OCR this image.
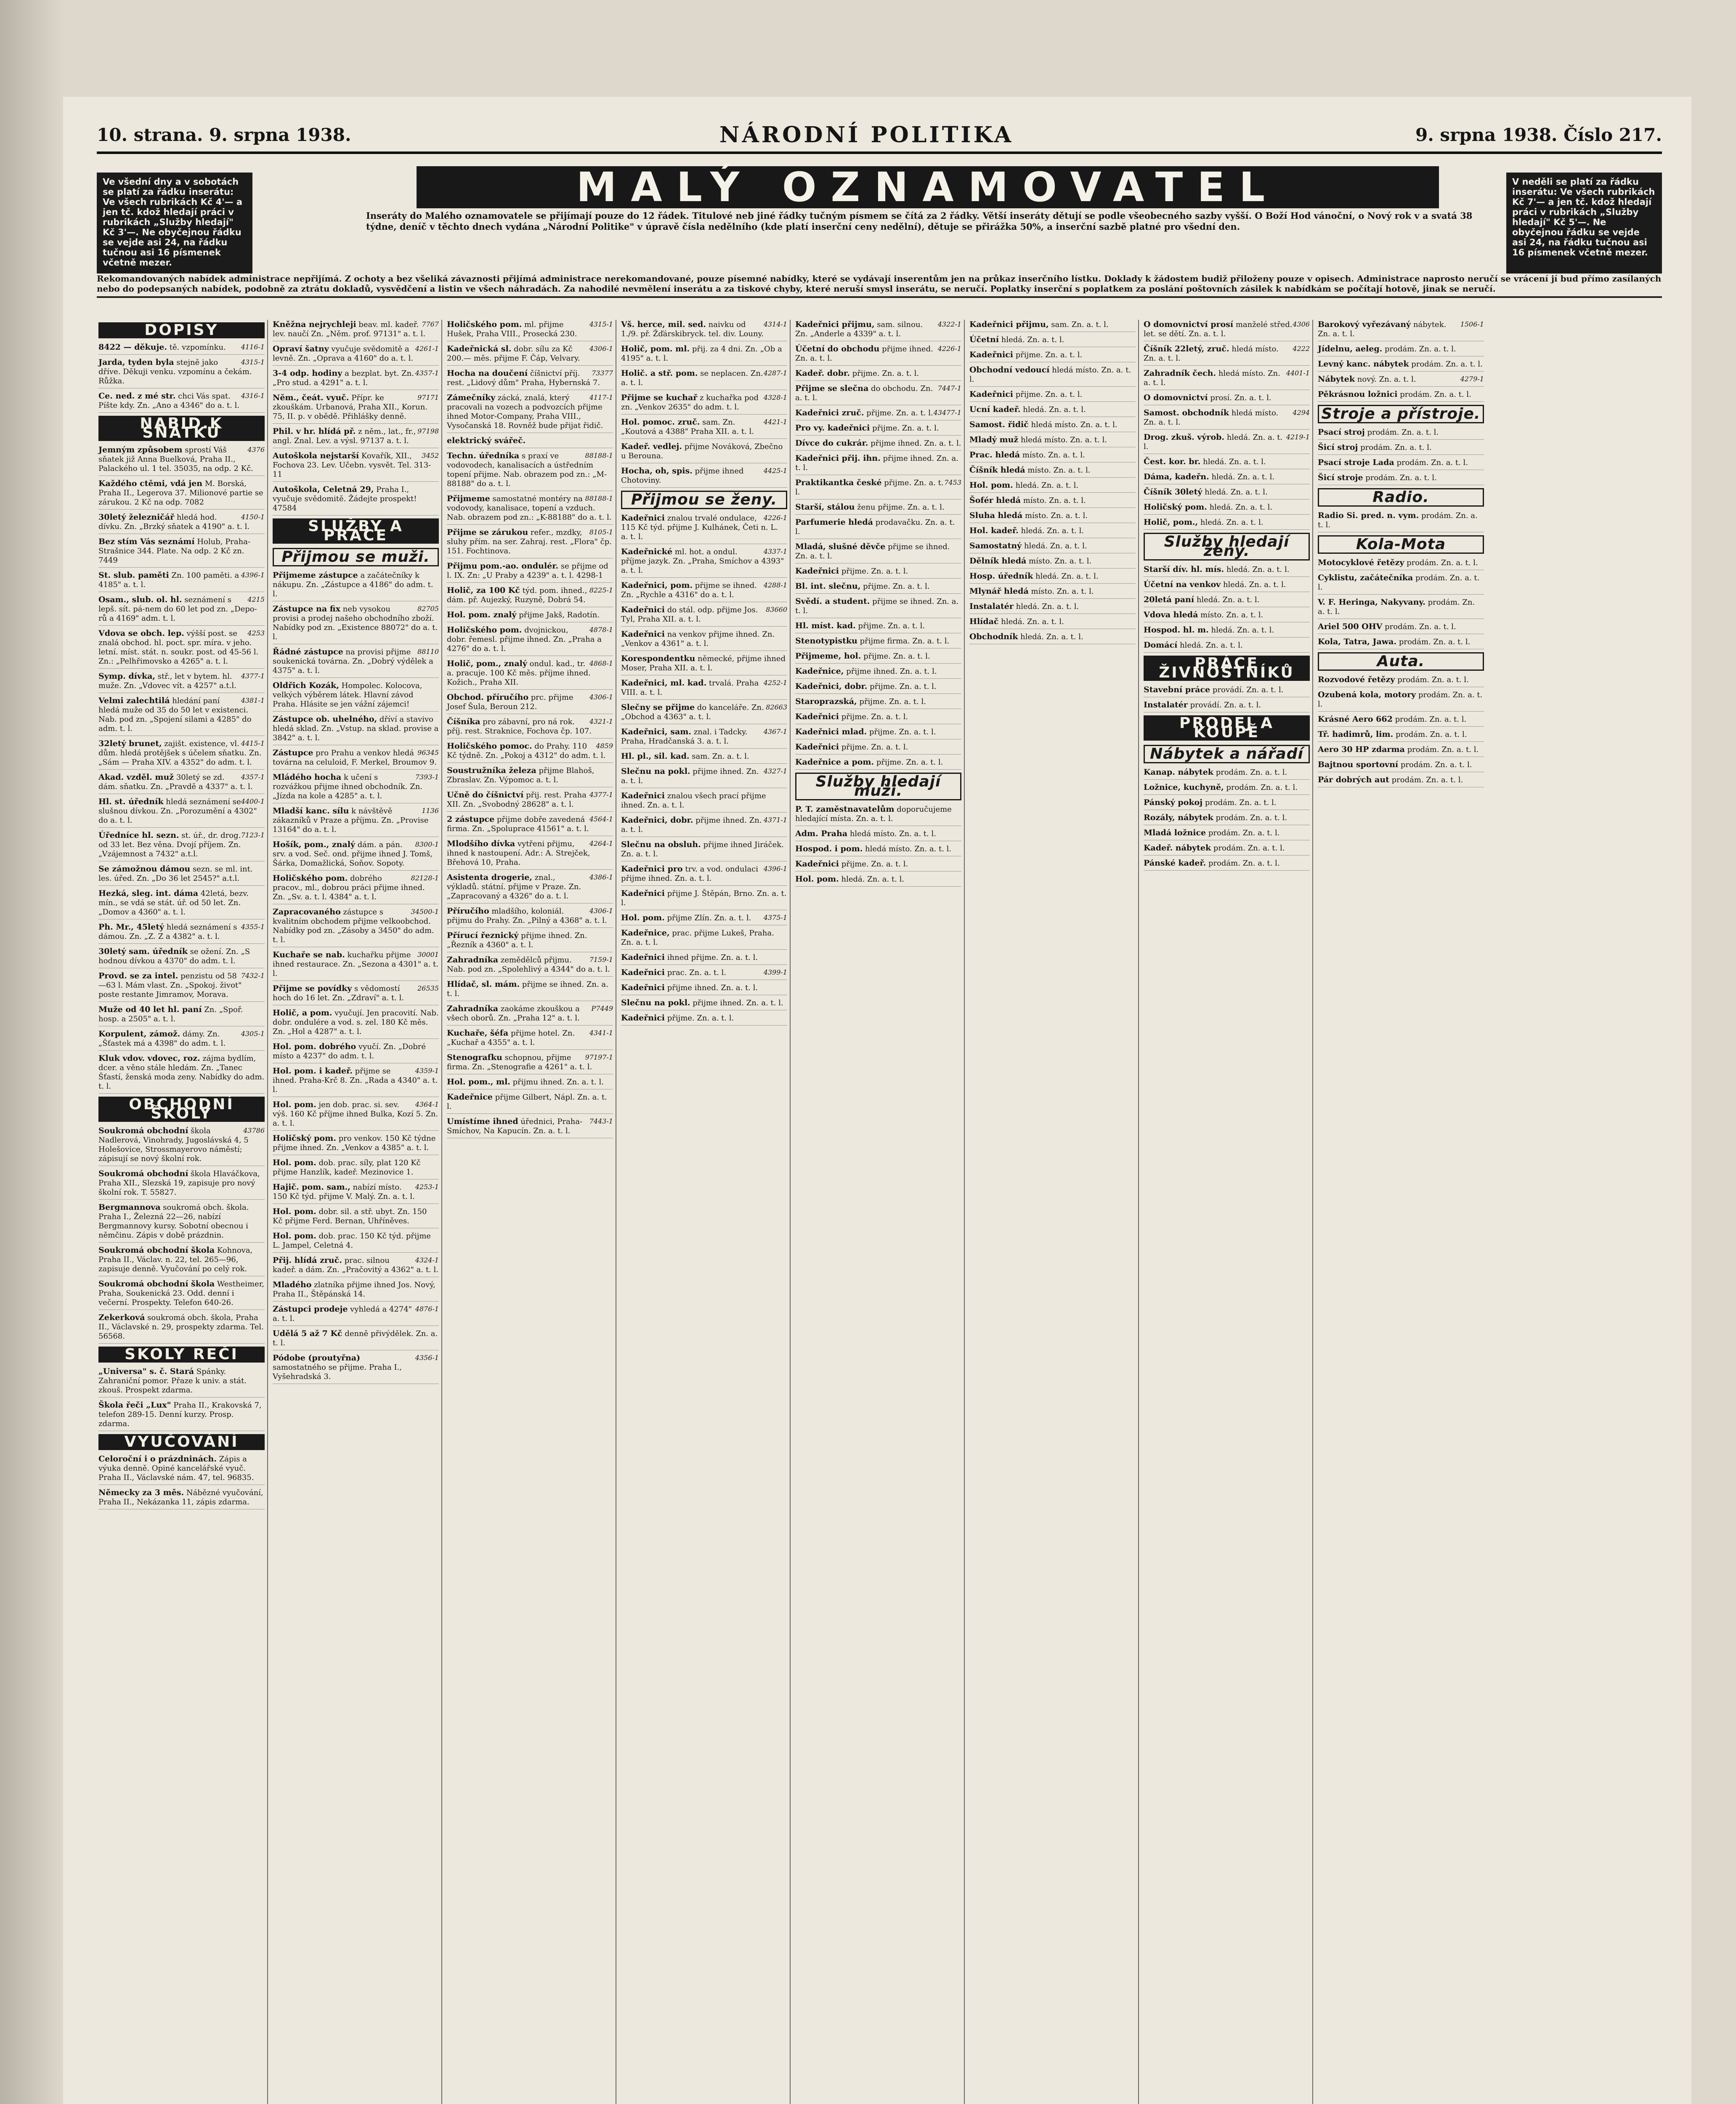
10. strana. 9. srpna 1938.	NÁRODNÍ POLITIKA	9. srpna 1938. Číslo 217.
Ve všední dny a v sobotách se platí za řádku inserátu: Ve všech rubrikách Kč 4'— a jen tč. kdož hledají práci v rubrikách „Služby hledají" Kč 3'—. Ne obyčejnou řádku se vejde asi 24, na řádku tučnou asi 16 písmenek včetně mezer.
MALÝ OZNAMOVATEL	V neděli se platí za řádku inserátu: Ve všech rubrikách Kč 7'— a jen tč. kdož hledají práci v rubrikách „Služby hledají" Kč 5'—. Ne obyčejnou řádku se vejde asi 24, na řádku tučnou asi 16 písmenek včetně mezer.
Inseráty do Malého oznamovatele se přijímají pouze do 12 řádek. Titulové neb jiné řádky tučným písmem se čítá za 2 řádky. Větší inseráty dětují se podle všeobecného sazby vyšší. O Boží Hod vánoční, o Nový rok v a svatá 38 týdne, deníč v těchto dnech vydána „Národní Politike" v úpravě čísla nedělního (kde platí inserční ceny nedělní), dětuje se přirážka 50%, a inserční sazbě platné pro všední den.
Rekomandovaných nabídek administrace nepřijímá. Z ochoty a bez všeliká závaznosti přijímá administrace nerekomandované, pouze písemné nabídky, které se vydávají inserentům jen na průkaz inserčního lístku. Doklady k žádostem budiž přiloženy pouze v opisech. Administrace naprosto neručí se vrácení jí bud přímo zasílaných nebo do podepsaných nabídek, podobně za ztrátu dokladů, vysvědčení a listin ve všech náhradách. Za nahodilé nevmělení inserátu a za tiskové chyby, které neruší smysl inserátu, se neručí. Poplatky inserční s poplatkem za poslání poštovních zásilek k nabídkám se počítají hotově, jinak se neručí.
DOPISY
4116-1
8422 — děkuje. tě. vzpomínku.
4315-1
Jarda, tyden byla stejně jako dříve. Děkuji venku. vzpomínu a čekám. Růžka.
4316-1
Ce. ned. z mé str. chci Vás spat. Píšte kdy. Zn. „Ano a 4346" do a. t. l.
NABID.K SŇATKU
4376
Jemným způsobem sprostí Váš sňatek již Anna Buelková, Praha II., Palackého ul. 1 tel. 35035, na odp. 2 Kč.
Každého ctěmi, vdá jen M. Borská, Praha II., Legerova 37. Milionové partie se zárukou. 2 Kč na odp. 7082
4150-1
30letý železničář hledá hod. dívku. Zn. „Brzký sňatek a 4190" a. t. l.
Bez stím Vás seznámí Holub, Praha-Strašnice 344. Plate. Na odp. 2 Kč zn. 7449
4396-1
St. slub. paměti Zn. 100 paměti. a 4185" a. t. l.
4215
Osam., slub. ol. hl. seznámení s lepš. sít. pá-nem do 60 let pod zn. „Depo-rů a 4169" adm. t. l.
4253
Vdova se obch. lep. výšší post. se znalá obchod. hl. poct. spr. míra. v jeho. letní. míst. stát. n. soukr. post. od 45-56 l. Zn.: „Pelhřimovsko a 4265" a. t. l.
4377-1
Symp. dívka, stř., let v bytem. hl. muže. Zn. „Vdovec vít. a 4257" a.t.l.
4381-1
Velmi zalechtilá hledání paní hledá muže od 35 do 50 let v existenci. Nab. pod zn. „Spojení silami a 4285" do adm. t. l.
4415-1
32letý brunet, zajišt. existence, vl. dům. hledá protějšek s účelem sňatku. Zn. „Sám — Praha XIV. a 4352" do adm. t. l.
4357-1
Akad. vzděl. muž 30letý se zd. dám. sňatku. Zn. „Pravdě a 4337" a. t. l.
4400-1
Hl. st. úředník hledá seznámení se slušnou dívkou. Zn. „Porozumění a 4302" do a. t. l.
7123-1
Úředníce hl. sezn. st. úř., dr. drog. od 33 let. Bez věna. Dvojí příjem. Zn.„Vzájemnost a 7432" a.t.l.
Se zámožnou dámou sezn. se ml. int. les. úřed. Zn. „Do 36 let 2545?" a.t.l.
Hezká, sleg. int. dáma 42letá, bezv. mín., se vdá se stát. úř. od 50 let. Zn. „Domov a 4360" a. t. l.
4355-1
Ph. Mr., 45letý hledá seznámení s dámou. Zn. „Z. Z a 4382" a. t. l.
30letý sam. úředník se ožení. Zn. „S hodnou dívkou a 4370" do adm. t. l.
7432-1
Provd. se za intel. penzistu od 58—63 l. Mám vlast. Zn. „Spokoj. život" poste restante Jimramov, Morava.
Muže od 40 let hl. paní Zn. „Spoř. hosp. a 2505" a. t. l.
4305-1
Korpulent, zámož. dámy. Zn. „Šťastek má a 4398" do adm. t. l.
Kluk vdov. vdovec, roz. zájma bydlím, dcer. a věno stále hledám. Zn. „Tanec Šťastí, ženská moda zeny. Nabídky do adm. t. l.
OBCHODNÍ ŠKOLY
43786
Soukromá obchodní škola Nadlerová, Vinohrady, Jugoslávská 4, 5 Holešovice, Strossmayerovo náměstí; zápisují se nový školní rok.
Soukromá obchodní škola Hlaváčkova, Praha XII., Slezská 19, zapisuje pro nový školní rok. T. 55827.
Bergmannova soukromá obch. škola. Praha I., Železná 22—26, nabízí Bergmannovy kursy. Sobotní obecnou i němčinu. Zápis v době prázdnin.
Soukromá obchodní škola Kohnova, Praha II., Václav. n. 22, tel. 265—96, zapisuje denně. Vyučování po celý rok.
Soukromá obchodní škola Westheimer, Praha, Soukenická 23. Odd. denní i večerní. Prospekty. Telefon 640-26.
Zekerková soukromá obch. škola, Praha II., Václavské n. 29, prospekty zdarma. Tel. 56568.
SKOLY REČI
„Universa" s. č. Stará Spánky. Zahraniční pomor. Přaze k univ. a stát. zkouš. Prospekt zdarma.
Škola řeči „Lux" Praha II., Krakovská 7, telefon 289-15. Denní kurzy. Prosp. zdarma.
VYUČOVÁNÍ
Celoroční i o prázdninách. Zápis a výuka denně. Opiné kancelářské vyuč. Praha II., Václavské nám. 47, tel. 96835.
Německy za 3 měs. Nábězné vyučování, Praha II., Nekázanka 11, zápis zdarma.
7767
Kněžna nejrychleji beav. ml. kadeř. lev. naučí Zn. „Něm. prof. 97131" a. t. l.
4261-1
Opraví šatny vyučuje svědomitě a levně. Zn. „Oprava a 4160" do a. t. l.
4357-1
3-4 odp. hodiny a bezplat. byt. Zn. „Pro stud. a 4291" a. t. l.
97171
Něm., čeát. vyuč. Přípr. ke zkouškám. Urbanová, Praha XII., Korun. 75, II. p. v obědě. Přihlášky denně.
97198
Phil. v hr. hlídá př. z něm., lat., fr., angl. Znal. Lev. a výsl. 97137 a. t. l.
3452
Autoškola nejstarší Kovařík, XII., Fochova 23. Lev. Učebn. vysvět. Tel. 313-11
Autoškola, Celetná 29, Praha I., vyučuje svědomitě. Žádejte prospekt! 47584
SLUŽBY A PRÁCE
Přijmou se muži.
Přijmeme zástupce a začátečníky k nákupu. Zn. „Zástupce a 4186" do adm. t. l.
82705
Zástupce na fix neb vysokou provisi a prodej našeho obchodního zboží. Nabídky pod zn. „Existence 88072" do a. t. l.
88110
Řádné zástupce na provisi přijme soukenická továrna. Zn. „Dobrý výdělek a 4375" a. t. l.
Oldřich Kozák, Hompolec. Kolocova, velkých výběrem látek. Hlavní závod Praha. Hlásite se jen vážní zájemci!
Zástupce ob. uhelného, dříví a stavivo hledá sklad. Zn. „Vstup. na sklad. provise a 3842" a. t. l.
96345
Zástupce pro Prahu a venkov hledá továrna na celuloid, F. Merkel, Broumov 9.
7393-1
Mládého hocha k učení s rozvážkou přijme ihned obchodník. Zn. „Jízda na kole a 4285" a. t. l.
1136
Mladší kanc. sílu k návštěvě zákazníků v Praze a příjmu. Zn. „Provise 13164" do a. t. l.
8300-1
Hošík, pom., znalý dám. a pán. srv. a vod. Seč. ond. přijme ihned J. Tomš, Šárka, Domažlická, Soňov. Sopoty.
82128-1
Holičského pom. dobrého pracov., ml., dobrou práci přijme ihned. Zn. „Sv. a. t. l. 4384" a. t. l.
34500-1
Zapracovaného zástupce s kvalitním obchodem přijme velkoobchod. Nabídky pod zn. „Zásoby a 3450" do adm. t. l.
30001
Kuchaře se nab. kuchařku přijme ihned restaurace. Zn. „Sezona a 4301" a. t. l.
26535
Přijme se povídky s vědomostí hoch do 16 let. Zn. „Zdraví" a. t. l.
Holič, a pom. vyučují. Jen pracovití. Nab. dobr. ondulére a vod. s. zel. 180 Kč měs. Zn. „Hol a 4287" a. t. l.
Hol. pom. dobrého vyučí. Zn. „Dobré místo a 4237" do adm. t. l.
4359-1
Hol. pom. i kadeř. přijme se ihned. Praha-Krč 8. Zn. „Rada a 4340" a. t. l.
4364-1
Hol. pom. jen dob. prac. si. sev. výš. 160 Kč příjme ihned Bulka, Kozí 5. Zn. a. t. l.
Holičský pom. pro venkov. 150 Kč týdne přijme ihned. Zn. „Venkov a 4385" a. t. l.
Hol. pom. dob. prac. síly, plat 120 Kč přijme Hanzlík, kadeř. Mezinovice 1.
4253-1
Hajič. pom. sam., nabízí místo. 150 Kč týd. přijme V. Malý. Zn. a. t. l.
Hol. pom. dobr. sil. a stř. ubyt. Zn. 150 Kč přijme Ferd. Bernan, Uhříněves.
Hol. pom. dob. prac. 150 Kč týd. přijme L. Jampel, Celetná 4.
4324-1
Přij. hlídá zruč. prac. silnou kadeř. a dám. Zn. „Pračovitý a 4362" a. t. l.
Mladého zlatníka přijme ihned Jos. Nový, Praha II., Štěpánská 14.
4876-1
Zástupci prodeje vyhledá a 4274" a. t. l.
Udělá 5 až 7 Kč denně přivýdělek. Zn. a. t. l.
4356-1
Pódobe (proutyřna) samostatného se přijme. Praha I., Vyšehradská 3.
4315-1
Holičského pom. ml. přijme Hušek, Praha VIII., Prosecká 230.
4306-1
Kadeřnická sl. dobr. sílu za Kč 200.— měs. přijme F. Čáp, Velvary.
73377
Hocha na doučení číšnictví příj. rest. „Lidový dům" Praha, Hybernská 7.
4117-1
Zámečníky zácká, znalá, který pracovali na vozech a podvozcích přijme ihned Motor-Company, Praha VIII., Vysočanská 18. Rovněž bude přijat řidič.
elektrický svářeč.
88188-1
Techn. úředníka s praxí ve vodovodech, kanalisacích a ústředním topení přijme. Nab. obrazem pod zn.: „M-88188" do a. t. l.
88188-1
Přijmeme samostatné montéry na vodovody, kanalisace, topení a vzduch. Nab. obrazem pod zn.: „K-88188" do a. t. l.
8105-1
Přijme se zárukou refer., mzdky, sluhy přím. na ser. Zahraj. rest. „Flora" čp. 151. Fochtinova.
Přijmu pom.-ao. ondulér. se přijme od l. IX. Zn: „U Praby a 4239" a. t. l. 4298-1
8225-1
Holič, za 100 Kč týd. pom. ihned., dám. př. Aujezký, Ruzyně, Dobrá 54.
Hol. pom. znalý přijme Jakš, Radotín.
4878-1
Holičského pom. dvojnickou, dobr. řemesl. přijme ihned. Zn. „Praha a 4276" do a. t. l.
4868-1
Holič, pom., znalý ondul. kad., tr. a. pracuje. 100 Kč měs. příjme ihned. Kožich., Praha XII.
4306-1
Obchod. příručího prc. přijme Josef Šula, Beroun 212.
4321-1
Číšníka pro zábavní, pro ná rok. příj. rest. Straknice, Fochova čp. 107.
4859
Holičského pomoc. do Prahy. 110 Kč týdně. Zn. „Pokoj a 4312" do adm. t. l.
Soustružníka železa přijme Blahoš, Zbraslav. Zn. Výpomoc a. t. l.
4377-1
Učně do číšnictví přij. rest. Praha XII. Zn. „Svobodný 28628" a. t. l.
4564-1
2 zástupce přijme dobře zavedená firma. Zn. „Spoluprace 41561" a. t. l.
4264-1
Mlodšího dívka vytřeni přijmu, ihned k nastoupení. Adr.: A. Strejček, Břehová 10, Praha.
4386-1
Asistenta drogerie, znal., výkladů. státní. přijme v Praze. Zn. „Zapracovaný a 4326" do a. t. l.
4306-1
Příručího mladšího, koloniál. přijmu do Prahy. Zn. „Pilný a 4368" a. t. l.
Přírucí řeznický přijme ihned. Zn. „Řezník a 4360" a. t. l.
7159-1
Zahradníka zemědělců přijmu. Nab. pod zn. „Spolehlivý a 4344" do a. t. l.
Hlídač, sl. mám. přijme se ihned. Zn. a. t. l.
P7449
Zahradníka zaokáme zkouškou a všech oborů. Zn. „Praha 12" a. t. l.
4341-1
Kuchaře, šéfa přijme hotel. Zn. „Kuchař a 4355" a. t. l.
97197-1
Stenografku schopnou, přijme firma. Zn. „Stenografie a 4261" a. t. l.
Hol. pom., ml. přijmu ihned. Zn. a. t. l.
Kadeřnice přijme Gilbert, Nápl. Zn. a. t. l.
7443-1
Umístíme ihned úřednici, Praha-Smíchov, Na Kapucín. Zn. a. t. l.
4314-1
Vš. herce, mil. sed. naivku od 1./9. př. Žďárskibryck. tel. div. Louny.
Holič, pom. ml. přij. za 4 dni. Zn. „Ob a 4195" a. t. l.
4287-1
Holič. a stř. pom. se neplacen. Zn. a. t. l.
4328-1
Přijme se kuchař z kuchařka pod zn. „Venkov 2635" do adm. t. l.
4421-1
Hol. pomoc. zruč. sam. Zn. „Koutová a 4388" Praha XII. a. t. l.
Kadeř. vedlej. přijme Nováková, Zbečno u Berouna.
4425-1
Hocha, oh, spis. přijme ihned Chotoviny.
Přijmou se ženy.
4226-1
Kadeřnici znalou trvalé ondulace, 115 Kč týd. přijme J. Kulhánek, Četi n. L. a. t. l.
4337-1
Kadeřnické ml. hot. a ondul. příjme jazyk. Zn. „Praha, Smíchov a 4393" a. t. l.
4288-1
Kadeřnici, pom. přijme se ihned. Zn. „Rychle a 4316" do a. t. l.
83660
Kadeřnici do stál. odp. přijme Jos. Tyl, Praha XII. a. t. l.
Kadeřnici na venkov přijme ihned. Zn. „Venkov a 4361" a. t. l.
Korespondentku německé, přijme ihned Moser, Praha XII. a. t. l.
4252-1
Kadeřnici, ml. kad. trvalá. Praha VIII. a. t. l.
82663
Slečny se přijme do kanceláře. Zn. „Obchod a 4363" a. t. l.
4367-1
Kadeřnici, sam. znal. i Tadcky. Praha, Hradčanská 3. a. t. l.
Hl. pl., sil. kad. sam. Zn. a. t. l.
4327-1
Slečnu na pokl. přijme ihned. Zn. a. t. l.
Kadeřnici znalou všech prací přijme ihned. Zn. a. t. l.
4371-1
Kadeřnici, dobr. přijme ihned. Zn. a. t. l.
Slečnu na obsluh. přijme ihned Jiráček. Zn. a. t. l.
4396-1
Kadeřnici pro trv. a vod. ondulaci přijme ihned. Zn. a. t. l.
Kadeřnici přijme J. Štěpán, Brno. Zn. a. t. l.
4375-1
Hol. pom. přijme Zlín. Zn. a. t. l.
Kadeřnice, prac. přijme Lukeš, Praha. Zn. a. t. l.
Kadeřnici ihned přijme. Zn. a. t. l.
4399-1
Kadeřnici prac. Zn. a. t. l.
Kadeřnici přijme ihned. Zn. a. t. l.
Slečnu na pokl. přijme ihned. Zn. a. t. l.
Kadeřnici přijme. Zn. a. t. l.
4322-1
Kadeřnici přijmu, sam. silnou. Zn. „Anderle a 4339" a. t. l.
4226-1
Účetní do obchodu přijme ihned. Zn. a. t. l.
Kadeř. dobr. přijme. Zn. a. t. l.
7447-1
Přijme se slečna do obchodu. Zn. a. t. l.
43477-1
Kadeřnici zruč. přijme. Zn. a. t. l.
Pro vy. kadeřnici přijme. Zn. a. t. l.
Dívce do cukrár. přijme ihned. Zn. a. t. l.
Kadeřnici přij. ihn. přijme ihned. Zn. a. t. l.
7453
Praktikantka české přijme. Zn. a. t. l.
Starší, stálou ženu přijme. Zn. a. t. l.
Parfumerie hledá prodavačku. Zn. a. t. l.
Mladá, slušné děvče přijme se ihned. Zn. a. t. l.
Kadeřnici přijme. Zn. a. t. l.
Bl. int. slečnu, přijme. Zn. a. t. l.
Svědí. a student. přijme se ihned. Zn. a. t. l.
Hl. míst. kad. přijme. Zn. a. t. l.
Stenotypistku přijme firma. Zn. a. t. l.
Přijmeme, hol. přijme. Zn. a. t. l.
Kadeřnice, přijme ihned. Zn. a. t. l.
Kadeřnici, dobr. přijme. Zn. a. t. l.
Staroprazská, přijme. Zn. a. t. l.
Kadeřnici přijme. Zn. a. t. l.
Kadeřnici mlad. přijme. Zn. a. t. l.
Kadeřnici přijme. Zn. a. t. l.
Kadeřnice a pom. přijme. Zn. a. t. l.
Služby hledají muži.
P. T. zaměstnavatelům doporučujeme hledající místa. Zn. a. t. l.
Adm. Praha hledá místo. Zn. a. t. l.
Hospod. i pom. hledá místo. Zn. a. t. l.
Kadeřnici přijme. Zn. a. t. l.
Hol. pom. hledá. Zn. a. t. l.
Kadeřnici přijmu, sam. Zn. a. t. l.
Účetní hledá. Zn. a. t. l.
Kadeřnici přijme. Zn. a. t. l.
Obchodní vedoucí hledá místo. Zn. a. t. l.
Kadeřnici přijme. Zn. a. t. l.
Ucní kadeř. hledá. Zn. a. t. l.
Samost. řidič hledá místo. Zn. a. t. l.
Mladý muž hledá místo. Zn. a. t. l.
Prac. hledá místo. Zn. a. t. l.
Číšník hledá místo. Zn. a. t. l.
Hol. pom. hledá. Zn. a. t. l.
Šofér hledá místo. Zn. a. t. l.
Sluha hledá místo. Zn. a. t. l.
Hol. kadeř. hledá. Zn. a. t. l.
Samostatný hledá. Zn. a. t. l.
Dělník hledá místo. Zn. a. t. l.
Hosp. úředník hledá. Zn. a. t. l.
Mlynář hledá místo. Zn. a. t. l.
Instalatér hledá. Zn. a. t. l.
Hlídač hledá. Zn. a. t. l.
Obchodník hledá. Zn. a. t. l.
4306
O domovnictví prosí manželé střed. let. se dětí. Zn. a. t. l.
4222
Číšník 22letý, zruč. hledá místo. Zn. a. t. l.
4401-1
Zahradník čech. hledá místo. Zn. a. t. l.
O domovnictví prosí. Zn. a. t. l.
4294
Samost. obchodník hledá místo. Zn. a. t. l.
4219-1
Drog. zkuš. výrob. hledá. Zn. a. t. l.
Čest. kor. br. hledá. Zn. a. t. l.
Dáma, kadeřn. hledá. Zn. a. t. l.
Číšník 30letý hledá. Zn. a. t. l.
Holičský pom. hledá. Zn. a. t. l.
Holič, pom., hledá. Zn. a. t. l.
Služby hledají ženy.
Starší dív. hl. mís. hledá. Zn. a. t. l.
Účetní na venkov hledá. Zn. a. t. l.
20letá paní hledá. Zn. a. t. l.
Vdova hledá místo. Zn. a. t. l.
Hospod. hl. m. hledá. Zn. a. t. l.
Domácí hledá. Zn. a. t. l.
PRÁCE ŽIVNOSTNÍKŮ
Stavební práce provádí. Zn. a. t. l.
Instalatér provádí. Zn. a. t. l.
PRODEJ A KOUPĚ
Nábytek a nářadí
Kanap. nábytek prodám. Zn. a. t. l.
Ložnice, kuchyně, prodám. Zn. a. t. l.
Pánský pokoj prodám. Zn. a. t. l.
Rozály, nábytek prodám. Zn. a. t. l.
Mladá ložnice prodám. Zn. a. t. l.
Kadeř. nábytek prodám. Zn. a. t. l.
Pánské kadeř. prodám. Zn. a. t. l.
1506-1
Barokový vyřezávaný nábytek. Zn. a. t. l.
Jídelnu, aeleg. prodám. Zn. a. t. l.
Levný kanc. nábytek prodám. Zn. a. t. l.
4279-1
Nábytek nový. Zn. a. t. l.
Pěkrásnou ložnici prodám. Zn. a. t. l.
Stroje a přístroje.
Psací stroj prodám. Zn. a. t. l.
Šicí stroj prodám. Zn. a. t. l.
Psací stroje Lada prodám. Zn. a. t. l.
Šicí stroje prodám. Zn. a. t. l.
Radio.
Radio Si. pred. n. vym. prodám. Zn. a. t. l.
Kola-Mota
Motocyklové řetězy prodám. Zn. a. t. l.
Cyklistu, začátečníka prodám. Zn. a. t. l.
V. F. Heringa, Nakyvany. prodám. Zn. a. t. l.
Ariel 500 OHV prodám. Zn. a. t. l.
Kola, Tatra, Jawa. prodám. Zn. a. t. l.
Auta.
Rozvodové řetězy prodám. Zn. a. t. l.
Ozubená kola, motory prodám. Zn. a. t. l.
Krásné Aero 662 prodám. Zn. a. t. l.
Tř. hadimrů, lim. prodám. Zn. a. t. l.
Aero 30 HP zdarma prodám. Zn. a. t. l.
Bajtnou sportovní prodám. Zn. a. t. l.
Pár dobrých aut prodám. Zn. a. t. l.
